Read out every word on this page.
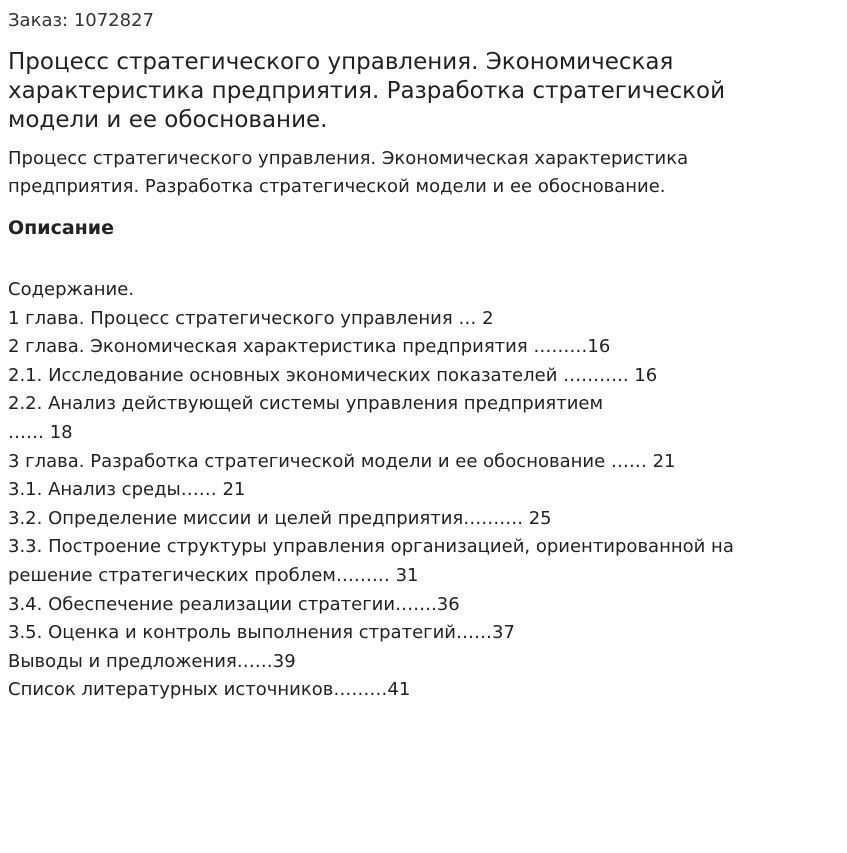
Заказ: 1072827
Процесс стратегического управления. Экономическая характеристика предприятия. Разработка стратегической модели и ее обоснование.

Процесс стратегического управления. Экономическая характеристика предприятия. Разработка стратегической модели и ее обоснование.

Описание
Содержание.
1 глава. Процесс стратегического управления … 2
2 глава. Экономическая характеристика предприятия ………16
2.1. Исследование основных экономических показателей ……….. 16
2.2. Анализ действующей системы управления предприятием
…… 18
3 глава. Разработка стратегической модели и ее обоснование …… 21
3.1. Анализ среды…… 21
3.2. Определение миссии и целей предприятия………. 25
3.3. Построение структуры управления организацией, ориентированной на
решение стратегических проблем……… 31
3.4. Обеспечение реализации стратегии…….36
3.5. Оценка и контроль выполнения стратегий……37
Выводы и предложения……39
Список литературных источников………41
